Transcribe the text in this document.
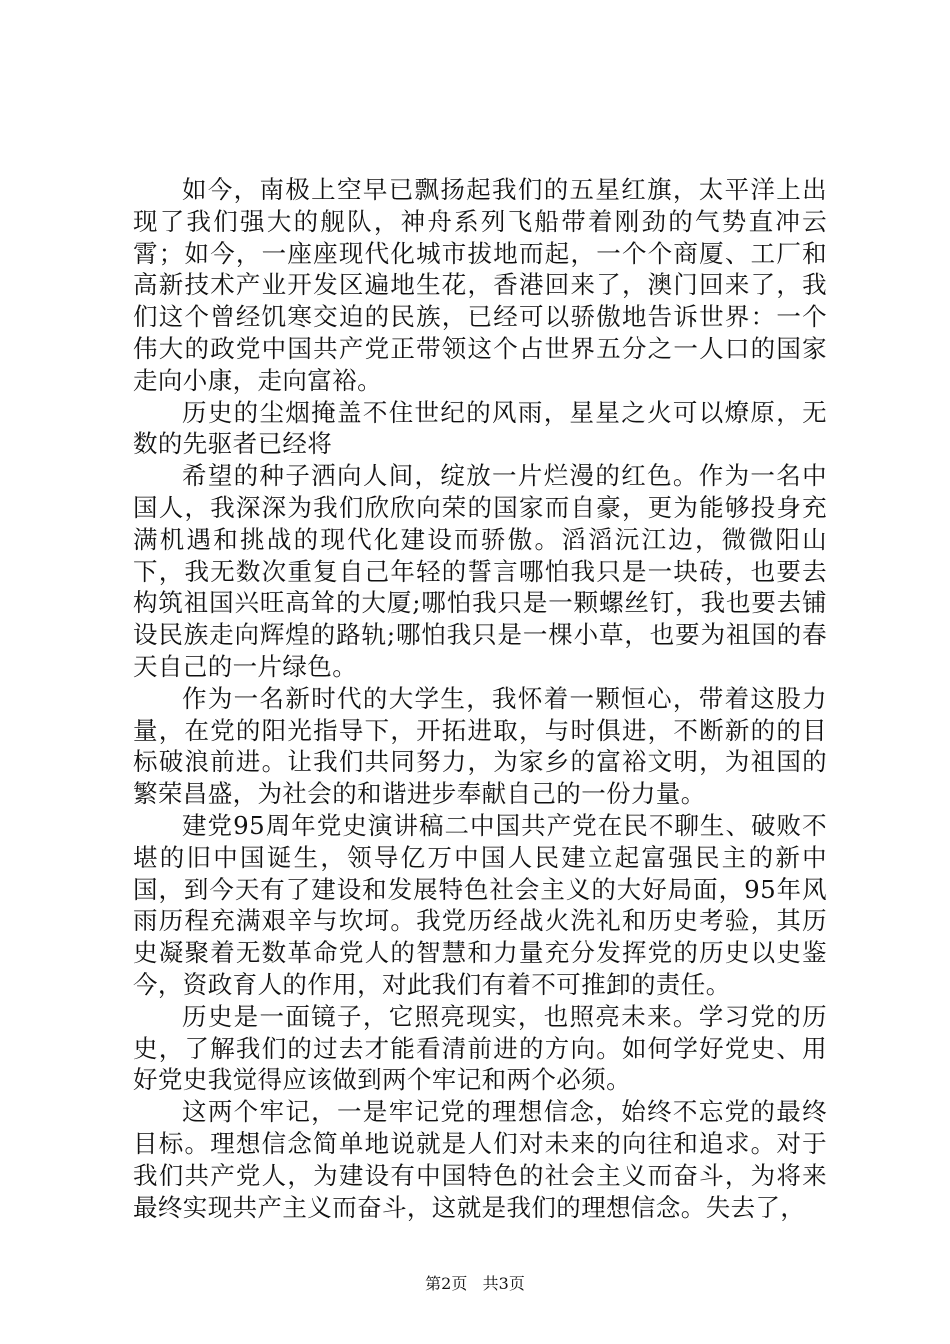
如今，南极上空早已飘扬起我们的五星红旗，太平洋上出现了我们强大的舰队，神舟系列飞船带着刚劲的气势直冲云霄；如今，一座座现代化城市拔地而起，一个个商厦、工厂和高新技术产业开发区遍地生花，香港回来了，澳门回来了，我们这个曾经饥寒交迫的民族，已经可以骄傲地告诉世界：一个伟大的政党中国共产党正带领这个占世界五分之一人口的国家走向小康，走向富裕。

历史的尘烟掩盖不住世纪的风雨，星星之火可以燎原，无数的先驱者已经将

希望的种子洒向人间，绽放一片烂漫的红色。作为一名中国人，我深深为我们欣欣向荣的国家而自豪，更为能够投身充满机遇和挑战的现代化建设而骄傲。滔滔沅江边，微微阳山下，我无数次重复自己年轻的誓言哪怕我只是一块砖，也要去构筑祖国兴旺高耸的大厦;哪怕我只是一颗螺丝钉，我也要去铺设民族走向辉煌的路轨;哪怕我只是一棵小草，也要为祖国的春天自己的一片绿色。

作为一名新时代的大学生，我怀着一颗恒心，带着这股力量，在党的阳光指导下，开拓进取，与时俱进，不断新的的目标破浪前进。让我们共同努力，为家乡的富裕文明，为祖国的繁荣昌盛，为社会的和谐进步奉献自己的一份力量。

建党95周年党史演讲稿二中国共产党在民不聊生、破败不堪的旧中国诞生，领导亿万中国人民建立起富强民主的新中国，到今天有了建设和发展特色社会主义的大好局面，95年风雨历程充满艰辛与坎坷。我党历经战火洗礼和历史考验，其历史凝聚着无数革命党人的智慧和力量充分发挥党的历史以史鉴今，资政育人的作用，对此我们有着不可推卸的责任。

历史是一面镜子，它照亮现实，也照亮未来。学习党的历史，了解我们的过去才能看清前进的方向。如何学好党史、用好党史我觉得应该做到两个牢记和两个必须。

这两个牢记，一是牢记党的理想信念，始终不忘党的最终目标。理想信念简单地说就是人们对未来的向往和追求。对于我们共产党人，为建设有中国特色的社会主义而奋斗，为将来最终实现共产主义而奋斗，这就是我们的理想信念。失去了，

第2页 共3页
